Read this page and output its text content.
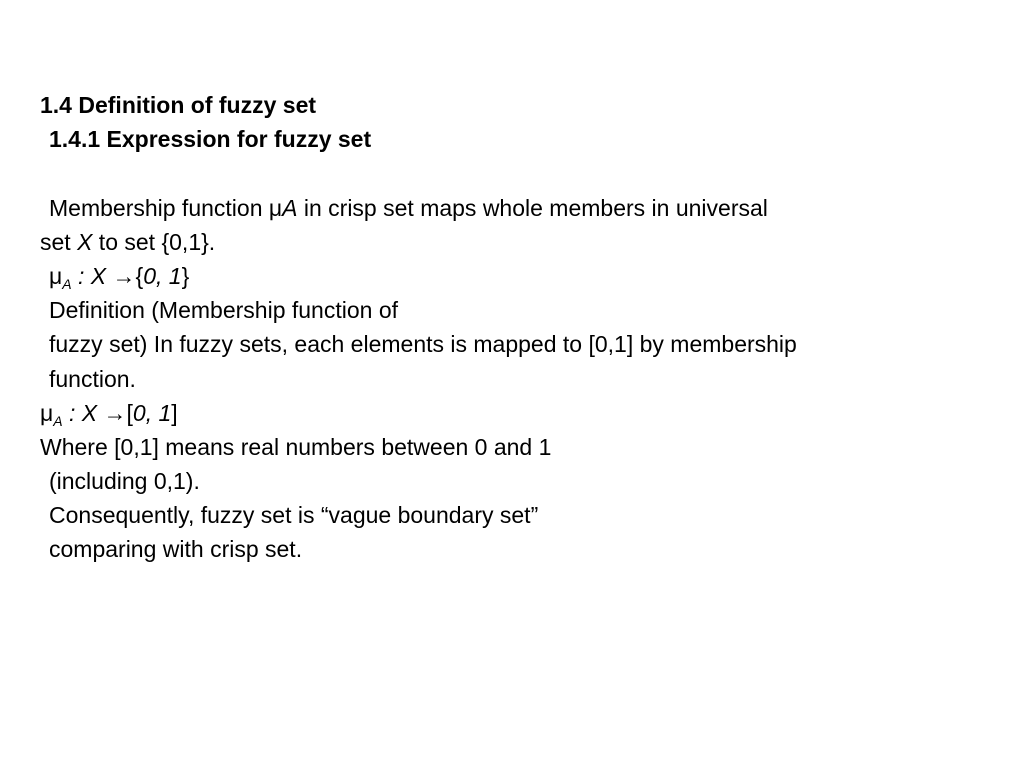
1.4 Definition of fuzzy set
1.4.1 Expression for fuzzy set
Membership function μA in crisp set maps whole members in universal
set X to set {0,1}.
$\mu_A$ : X →{0, 1}
Definition (Membership function of
fuzzy set) In fuzzy sets, each elements is mapped to [0,1] by membership
function.
$\mu_A$ : X →[0, 1]
Where [0,1] means real numbers between 0 and 1
(including 0,1).
Consequently, fuzzy set is “vague boundary set”
comparing with crisp set.
